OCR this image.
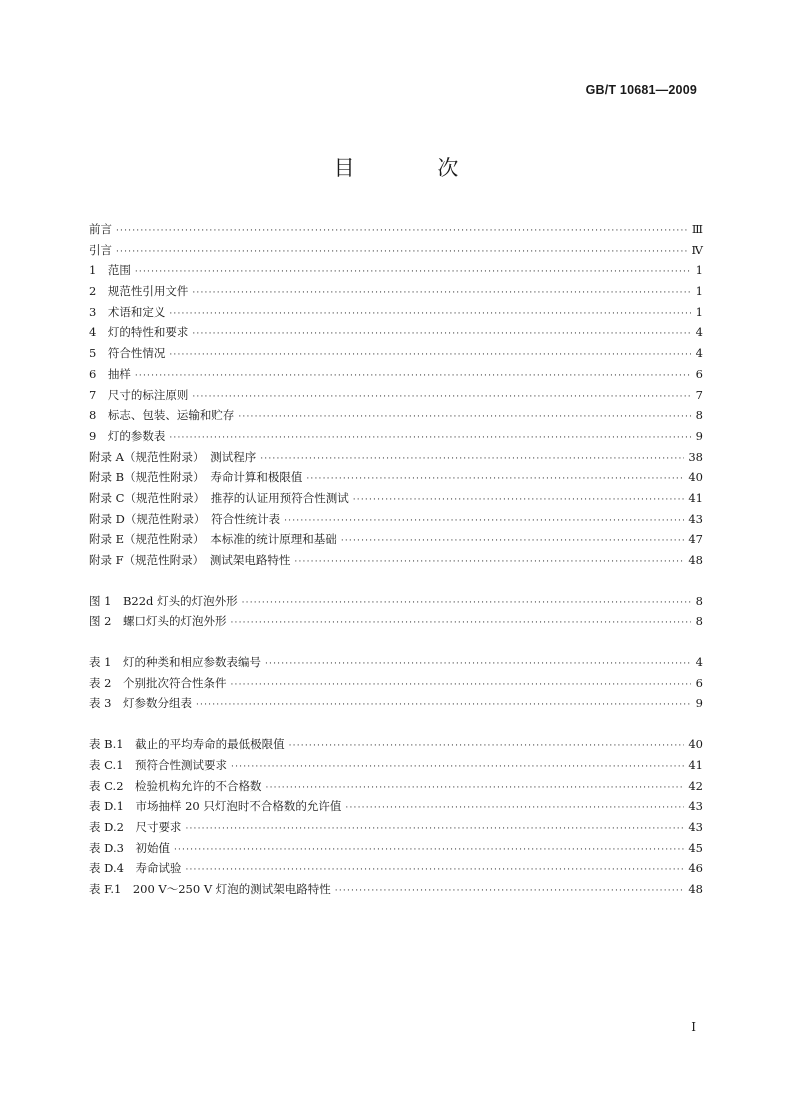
GB/T 10681—2009
目 次
前言 ·····	Ⅲ
引言 ·····	Ⅳ
1　范围 ·····	1
2　规范性引用文件 ·····	1
3　术语和定义 ·····	1
4　灯的特性和要求 ·····	4
5　符合性情况 ·····	4
6　抽样 ·····	6
7　尺寸的标注原则 ·····	7
8　标志、包装、运输和贮存 ·····	8
9　灯的参数表 ·····	9
附录 A（规范性附录）　测试程序 ·····	38
附录 B（规范性附录）　寿命计算和极限值 ·····	40
附录 C（规范性附录）　推荐的认证用预符合性测试 ·····	41
附录 D（规范性附录）　符合性统计表 ·····	43
附录 E（规范性附录）　本标准的统计原理和基础 ·····	47
附录 F（规范性附录）　测试架电路特性 ·····	48
图 1　B22d 灯头的灯泡外形 ·····	8
图 2　螺口灯头的灯泡外形 ·····	8
表 1　灯的种类和相应参数表编号 ·····	4
表 2　个别批次符合性条件 ·····	6
表 3　灯参数分组表 ·····	9
表 B.1　截止的平均寿命的最低极限值 ·····	40
表 C.1　预符合性测试要求 ·····	41
表 C.2　检验机构允许的不合格数 ·····	42
表 D.1　市场抽样 20 只灯泡时不合格数的允许值 ·····	43
表 D.2　尺寸要求 ·····	43
表 D.3　初始值 ·····	45
表 D.4　寿命试验 ·····	46
表 F.1　200 V～250 V 灯泡的测试架电路特性 ·····	48
I
